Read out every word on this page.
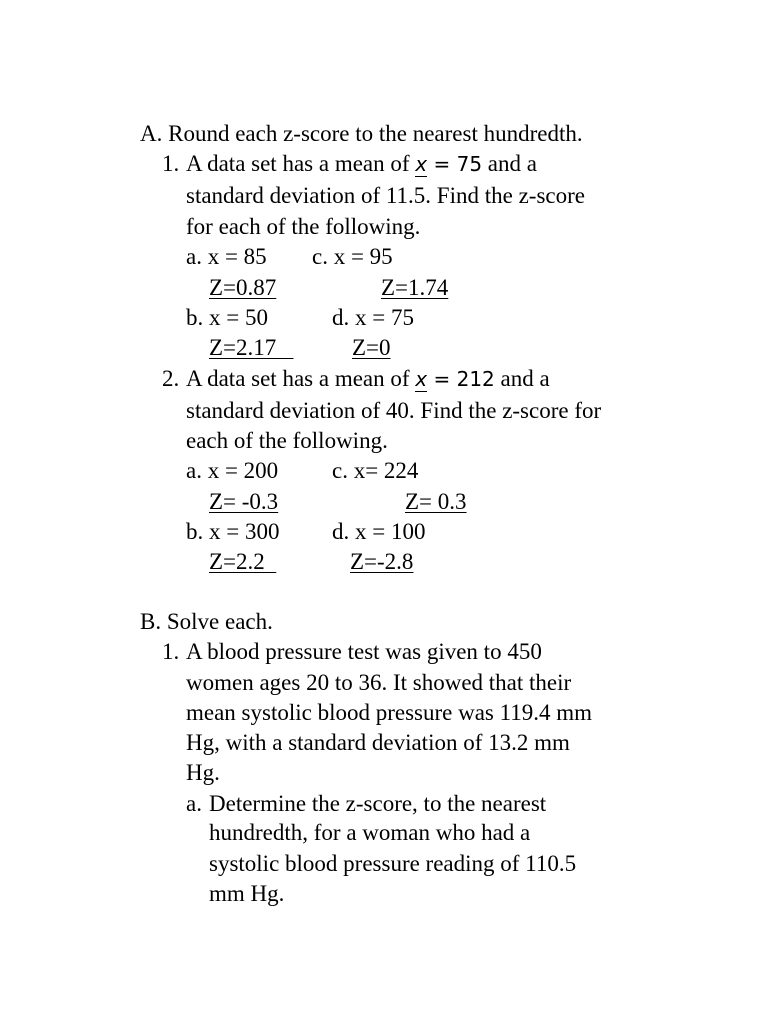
A. Round each z-score to the nearest hundredth.
1. A data set has a mean of x = 75 and a
standard deviation of 11.5. Find the z-score
for each of the following.
a. x = 85 c. x = 95
Z=0.87	Z=1.74
b. x = 50	d. x = 75
Z=2.17	Z=0
2. A data set has a mean of x = 212 and a
standard deviation of 40. Find the z-score for
each of the following.
a. x = 200 c. x= 224
Z= -0.3	Z= 0.3
b. x = 300 d. x = 100
Z=2.2	Z=-2.8
B. Solve each.
1. A blood pressure test was given to 450
women ages 20 to 36. It showed that their
mean systolic blood pressure was 119.4 mm
Hg, with a standard deviation of 13.2 mm
Hg.
a. Determine the z-score, to the nearest
hundredth, for a woman who had a
systolic blood pressure reading of 110.5
mm Hg.
